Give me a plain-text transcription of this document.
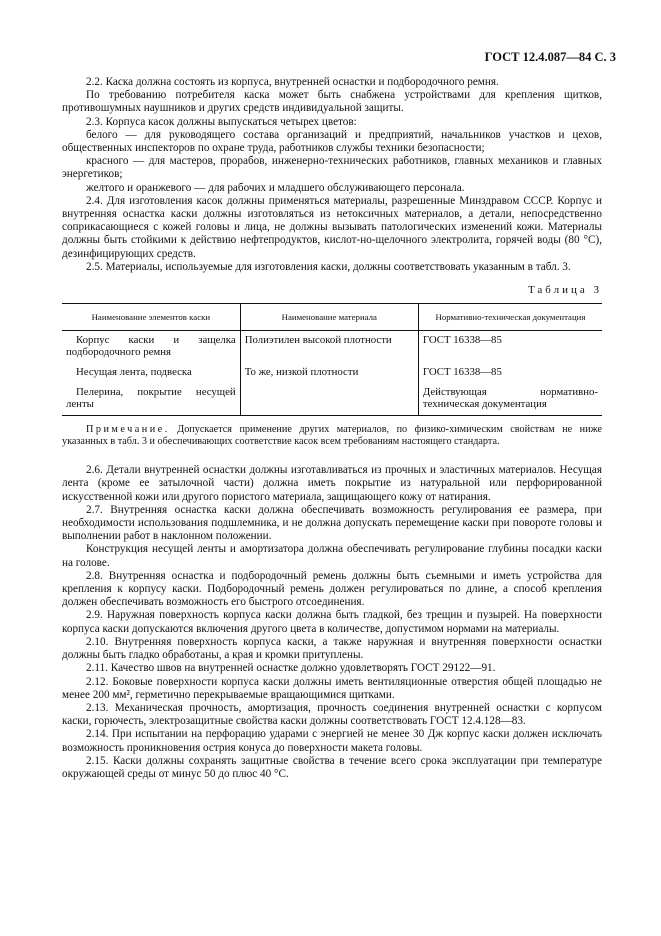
ГОСТ 12.4.087—84 С. 3

2.2. Каска должна состоять из корпуса, внутренней оснастки и подбородочного ремня.

По требованию потребителя каска может быть снабжена устройствами для крепления щитков, противошумных наушников и других средств индивидуальной защиты.

2.3. Корпуса касок должны выпускаться четырех цветов:

белого — для руководящего состава организаций и предприятий, начальников участков и цехов, общественных инспекторов по охране труда, работников службы техники безопасности;

красного — для мастеров, прорабов, инженерно-технических работников, главных механиков и главных энергетиков;

желтого и оранжевого — для рабочих и младшего обслуживающего персонала.

2.4. Для изготовления касок должны применяться материалы, разрешенные Минздравом СССР. Корпус и внутренняя оснастка каски должны изготовляться из нетоксичных материалов, а детали, непосредственно соприкасающиеся с кожей головы и лица, не должны вызывать патологических изменений кожи. Материалы должны быть стойкими к действию нефтепродуктов, кислот-но-щелочного электролита, горячей воды (80 °С), дезинфицирующих средств.

2.5. Материалы, используемые для изготовления каски, должны соответствовать указанным в табл. 3.

Таблица 3
Наименование элементов каски	Наименование материала	Нормативно-техническая документация
Корпус каски и защелка подбородочного ремня	Полиэтилен высокой плотности	ГОСТ 16338—85
Несущая лента, подвеска	То же, низкой плотности	ГОСТ 16338—85
Пелерина, покрытие несущей ленты		Действующая нормативно-техническая документация
Примечание. Допускается применение других материалов, по физико-химическим свойствам не ниже указанных в табл. 3 и обеспечивающих соответствие касок всем требованиям настоящего стандарта.

2.6. Детали внутренней оснастки должны изготавливаться из прочных и эластичных материалов. Несущая лента (кроме ее затылочной части) должна иметь покрытие из натуральной или перфорированной искусственной кожи или другого пористого материала, защищающего кожу от натирания.

2.7. Внутренняя оснастка каски должна обеспечивать возможность регулирования ее размера, при необходимости использования подшлемника, и не должна допускать перемещение каски при повороте головы и выполнении работ в наклонном положении.

Конструкция несущей ленты и амортизатора должна обеспечивать регулирование глубины посадки каски на голове.

2.8. Внутренняя оснастка и подбородочный ремень должны быть съемными и иметь устройства для крепления к корпусу каски. Подбородочный ремень должен регулироваться по длине, а способ крепления должен обеспечивать возможность его быстрого отсоединения.

2.9. Наружная поверхность корпуса каски должна быть гладкой, без трещин и пузырей. На поверхности корпуса каски допускаются включения другого цвета в количестве, допустимом нормами на материалы.

2.10. Внутренняя поверхность корпуса каски, а также наружная и внутренняя поверхности оснастки должны быть гладко обработаны, а края и кромки притуплены.

2.11. Качество швов на внутренней оснастке должно удовлетворять ГОСТ 29122—91.

2.12. Боковые поверхности корпуса каски должны иметь вентиляционные отверстия общей площадью не менее 200 мм², герметично перекрываемые вращающимися щитками.

2.13. Механическая прочность, амортизация, прочность соединения внутренней оснастки с корпусом каски, горючесть, электрозащитные свойства каски должны соответствовать ГОСТ 12.4.128—83.

2.14. При испытании на перфорацию ударами с энергией не менее 30 Дж корпус каски должен исключать возможность проникновения острия конуса до поверхности макета головы.

2.15. Каски должны сохранять защитные свойства в течение всего срока эксплуатации при температуре окружающей среды от минус 50 до плюс 40 °С.
